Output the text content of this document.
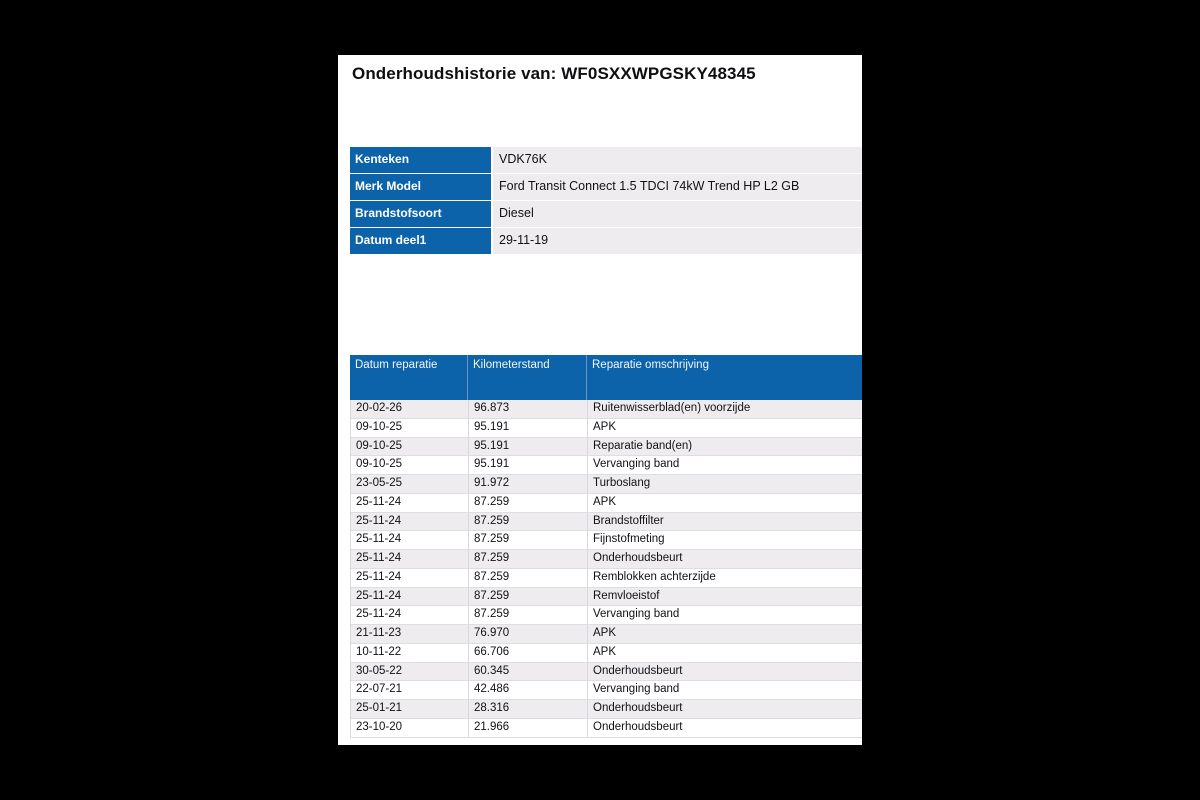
Onderhoudshistorie van: WF0SXXWPGSKY48345
Kenteken	VDK76K
Merk Model	Ford Transit Connect 1.5 TDCI 74kW Trend HP L2 GB
Brandstofsoort	Diesel
Datum deel1	29-11-19
Datum reparatie	Kilometerstand	Reparatie omschrijving
20-02-26	96.873	Ruitenwisserblad(en) voorzijde
09-10-25	95.191	APK
09-10-25	95.191	Reparatie band(en)
09-10-25	95.191	Vervanging band
23-05-25	91.972	Turboslang
25-11-24	87.259	APK
25-11-24	87.259	Brandstoffilter
25-11-24	87.259	Fijnstofmeting
25-11-24	87.259	Onderhoudsbeurt
25-11-24	87.259	Remblokken achterzijde
25-11-24	87.259	Remvloeistof
25-11-24	87.259	Vervanging band
21-11-23	76.970	APK
10-11-22	66.706	APK
30-05-22	60.345	Onderhoudsbeurt
22-07-21	42.486	Vervanging band
25-01-21	28.316	Onderhoudsbeurt
23-10-20	21.966	Onderhoudsbeurt
